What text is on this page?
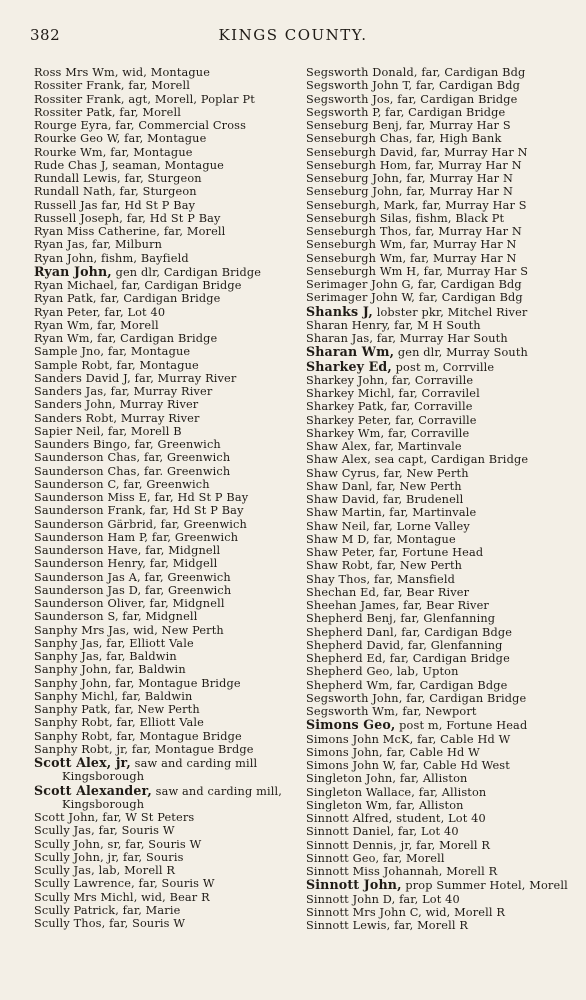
382	KINGS COUNTY.
Ross Mrs Wm, wid, Montague
Rossiter Frank, far, Morell
Rossiter Frank, agt, Morell, Poplar Pt
Rossiter Patk, far, Morell
Rourge Eyra, far, Commercial Cross
Rourke Geo W, far, Montague
Rourke Wm, far, Montague
Rude Chas J, seaman, Montague
Rundall Lewis, far, Sturgeon
Rundall Nath, far, Sturgeon
Russell Jas far, Hd St P Bay
Russell Joseph, far, Hd St P Bay
Ryan Miss Catherine, far, Morell
Ryan Jas, far, Milburn
Ryan John, fishm, Bayfield
Ryan John, gen dlr, Cardigan Bridge
Ryan Michael, far, Cardigan Bridge
Ryan Patk, far, Cardigan Bridge
Ryan Peter, far, Lot 40
Ryan Wm, far, Morell
Ryan Wm, far, Cardigan Bridge
Sample Jno, far, Montague
Sample Robt, far, Montague
Sanders David J, far, Murray River
Sanders Jas, far, Murray River
Sanders John, Murray River
Sanders Robt, Murray River
Sapier Neil, far, Morell B
Saunders Bingo, far, Greenwich
Saunderson Chas, far, Greenwich
Saunderson Chas, far. Greenwich
Saunderson C, far, Greenwich
Saunderson Miss E, far, Hd St P Bay
Saunderson Frank, far, Hd St P Bay
Saunderson Gärbrid, far, Greenwich
Saunderson Ham P, far, Greenwich
Saunderson Have, far, Midgnell
Saunderson Henry, far, Midgell
Saunderson Jas A, far, Greenwich
Saunderson Jas D, far, Greenwich
Saunderson Oliver, far, Midgnell
Saunderson S, far, Midgnell
Sanphy Mrs Jas, wid, New Perth
Sanphy Jas, far, Elliott Vale
Sanphy Jas, far, Baldwin
Sanphy John, far, Baldwin
Sanphy John, far, Montague Bridge
Sanphy Michl, far, Baldwin
Sanphy Patk, far, New Perth
Sanphy Robt, far, Elliott Vale
Sanphy Robt, far, Montague Bridge
Sanphy Robt, jr, far, Montague Brdge
Scott Alex, jr, saw and carding mill
Kingsborough
Scott Alexander, saw and carding mill,
Kingsborough
Scott John, far, W St Peters
Scully Jas, far, Souris W
Scully John, sr, far, Souris W
Scully John, jr, far, Souris
Scully Jas, lab, Morell R
Scully Lawrence, far, Souris W
Scully Mrs Michl, wid, Bear R
Scully Patrick, far, Marie
Scully Thos, far, Souris W
Segsworth Donald, far, Cardigan Bdg
Segsworth John T, far, Cardigan Bdg
Segsworth Jos, far, Cardigan Bridge
Segsworth P, far, Cardigan Bridge
Senseburg Benj, far, Murray Har S
Senseburgh Chas, far, High Bank
Senseburgh David, far, Murray Har N
Senseburgh Hom, far, Murray Har N
Senseburg John, far, Murray Har N
Senseburg John, far, Murray Har N
Senseburgh, Mark, far, Murray Har S
Senseburgh Silas, fishm, Black Pt
Senseburgh Thos, far, Murray Har N
Senseburgh Wm, far, Murray Har N
Senseburgh Wm, far, Murray Har N
Senseburgh Wm H, far, Murray Har S
Serimager John G, far, Cardigan Bdg
Serimager John W, far, Cardigan Bdg
Shanks J, lobster pkr, Mitchel River
Sharan Henry, far, M H South
Sharan Jas, far, Murray Har South
Sharan Wm, gen dlr, Murray South
Sharkey Ed, post m, Corrville
Sharkey John, far, Corraville
Sharkey Michl, far, Corravilel
Sharkey Patk, far, Corraville
Sharkey Peter, far, Corraville
Sharkey Wm, far, Corraville
Shaw Alex, far, Martinvale
Shaw Alex, sea capt, Cardigan Bridge
Shaw Cyrus, far, New Perth
Shaw Danl, far, New Perth
Shaw David, far, Brudenell
Shaw Martin, far, Martinvale
Shaw Neil, far, Lorne Valley
Shaw M D, far, Montague
Shaw Peter, far, Fortune Head
Shaw Robt, far, New Perth
Shay Thos, far, Mansfield
Shechan Ed, far, Bear River
Sheehan James, far, Bear River
Shepherd Benj, far, Glenfanning
Shepherd Danl, far, Cardigan Bdge
Shepherd David, far, Glenfanning
Shepherd Ed, far, Cardigan Bridge
Shepherd Geo, lab, Upton
Shepherd Wm, far, Cardigan Bdge
Segsworth John, far, Cardigan Bridge
Segsworth Wm, far, Newport
Simons Geo, post m, Fortune Head
Simons John McK, far, Cable Hd W
Simons John, far, Cable Hd W
Simons John W, far, Cable Hd West
Singleton John, far, Alliston
Singleton Wallace, far, Alliston
Singleton Wm, far, Alliston
Sinnott Alfred, student, Lot 40
Sinnott Daniel, far, Lot 40
Sinnott Dennis, jr, far, Morell R
Sinnott Geo, far, Morell
Sinnott Miss Johannah, Morell R
Sinnott John, prop Summer Hotel, Morell
Sinnott John D, far, Lot 40
Sinnott Mrs John C, wid, Morell R
Sinnott Lewis, far, Morell R
